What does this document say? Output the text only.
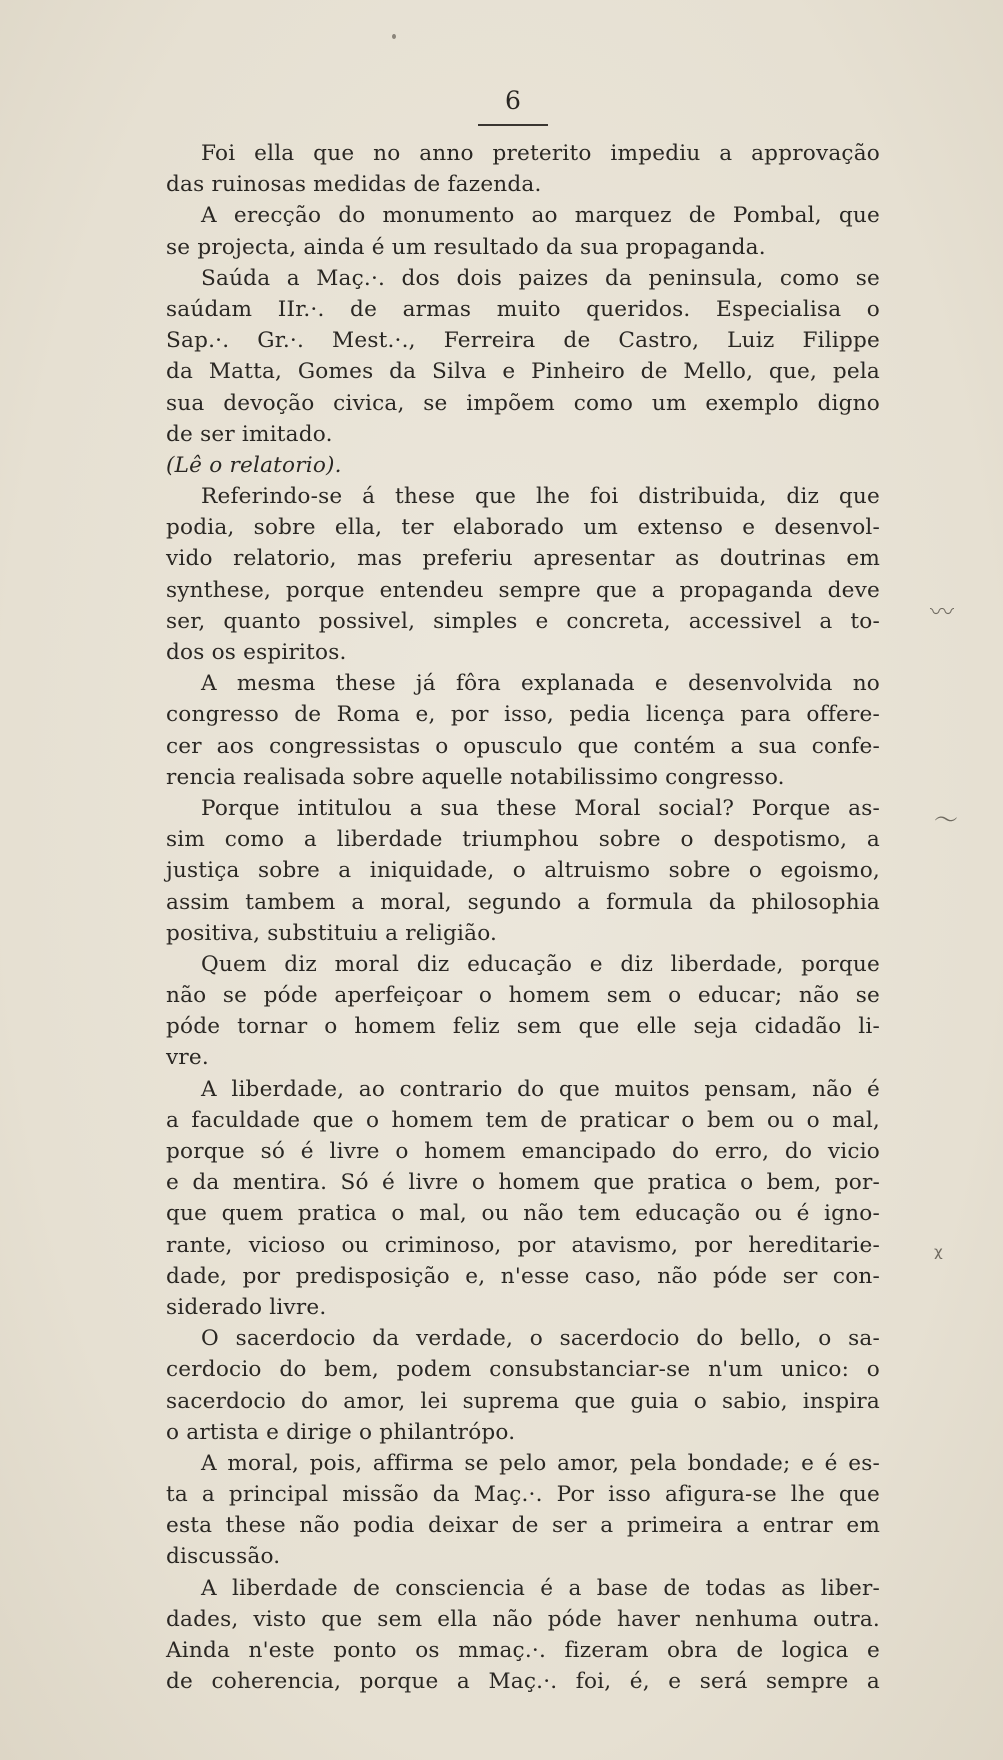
6
Foi ella que no anno preterito impediu a approvação
das ruinosas medidas de fazenda.
A erecção do monumento ao marquez de Pombal, que
se projecta, ainda é um resultado da sua propaganda.
Saúda a Maç.·. dos dois paizes da peninsula, como se
saúdam IIr.·. de armas muito queridos. Especialisa o
Sap.·. Gr.·. Mest.·., Ferreira de Castro, Luiz Filippe
da Matta, Gomes da Silva e Pinheiro de Mello, que, pela
sua devoção civica, se impõem como um exemplo digno
de ser imitado.
(Lê o relatorio).
Referindo-se á these que lhe foi distribuida, diz que
podia, sobre ella, ter elaborado um extenso e desenvol-
vido relatorio, mas preferiu apresentar as doutrinas em
synthese, porque entendeu sempre que a propaganda deve
ser, quanto possivel, simples e concreta, accessivel a to-
dos os espiritos.
A mesma these já fôra explanada e desenvolvida no
congresso de Roma e, por isso, pedia licença para offere-
cer aos congressistas o opusculo que contém a sua confe-
rencia realisada sobre aquelle notabilissimo congresso.
Porque intitulou a sua these Moral social? Porque as-
sim como a liberdade triumphou sobre o despotismo, a
justiça sobre a iniquidade, o altruismo sobre o egoismo,
assim tambem a moral, segundo a formula da philosophia
positiva, substituiu a religião.
Quem diz moral diz educação e diz liberdade, porque
não se póde aperfeiçoar o homem sem o educar; não se
póde tornar o homem feliz sem que elle seja cidadão li-
vre.
A liberdade, ao contrario do que muitos pensam, não é
a faculdade que o homem tem de praticar o bem ou o mal,
porque só é livre o homem emancipado do erro, do vicio
e da mentira. Só é livre o homem que pratica o bem, por-
que quem pratica o mal, ou não tem educação ou é igno-
rante, vicioso ou criminoso, por atavismo, por hereditarie-
dade, por predisposição e, n'esse caso, não póde ser con-
siderado livre.
O sacerdocio da verdade, o sacerdocio do bello, o sa-
cerdocio do bem, podem consubstanciar-se n'um unico: o
sacerdocio do amor, lei suprema que guia o sabio, inspira
o artista e dirige o philantrópo.
A moral, pois, affirma se pelo amor, pela bondade; e é es-
ta a principal missão da Maç.·. Por isso afigura-se lhe que
esta these não podia deixar de ser a primeira a entrar em
discussão.
A liberdade de consciencia é a base de todas as liber-
dades, visto que sem ella não póde haver nenhuma outra.
Ainda n'este ponto os mmaç.·. fizeram obra de logica e
de coherencia, porque a Maç.·. foi, é, e será sempre a
〰
〜
ᵡ
